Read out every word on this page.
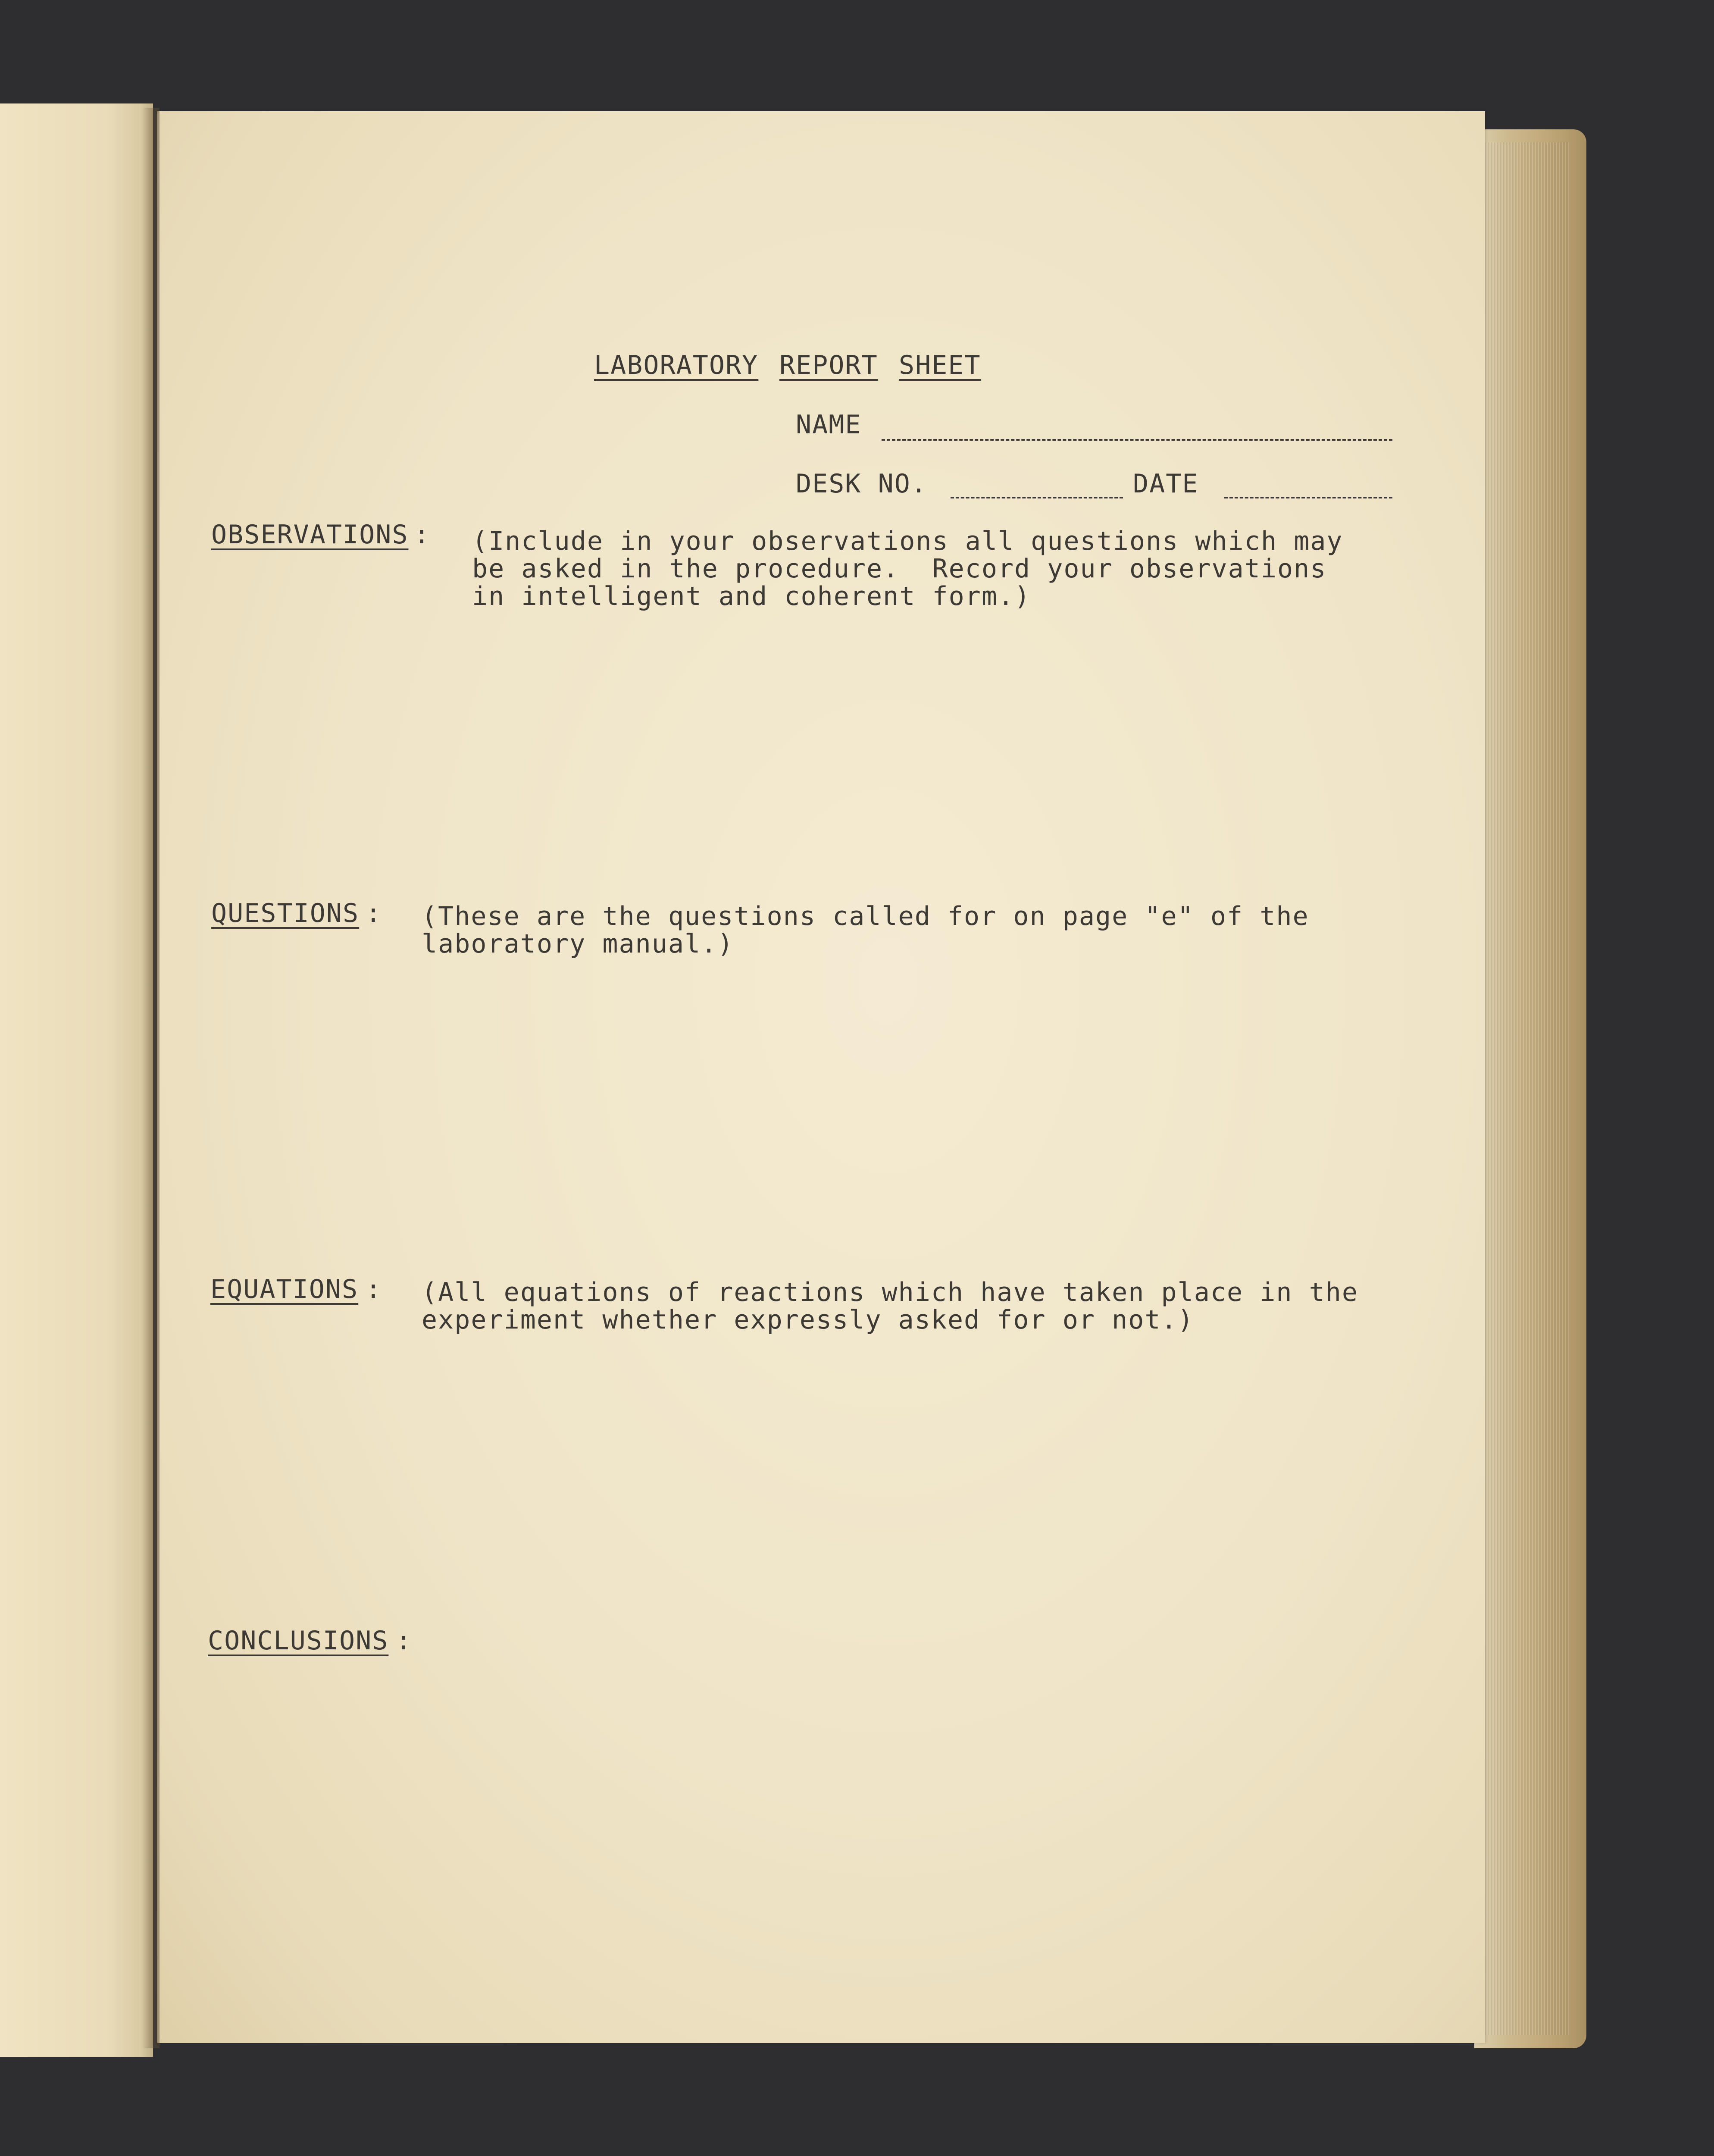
LABORATORY REPORT SHEET
NAME
DESK NO.	DATE
OBSERVATIONS : (Include in your observations all questions which may
be asked in the procedure.  Record your observations
in intelligent and coherent form.)
QUESTIONS : (These are the questions called for on page "e" of the
laboratory manual.)
EQUATIONS : (All equations of reactions which have taken place in the
experiment whether expressly asked for or not.)
CONCLUSIONS :
